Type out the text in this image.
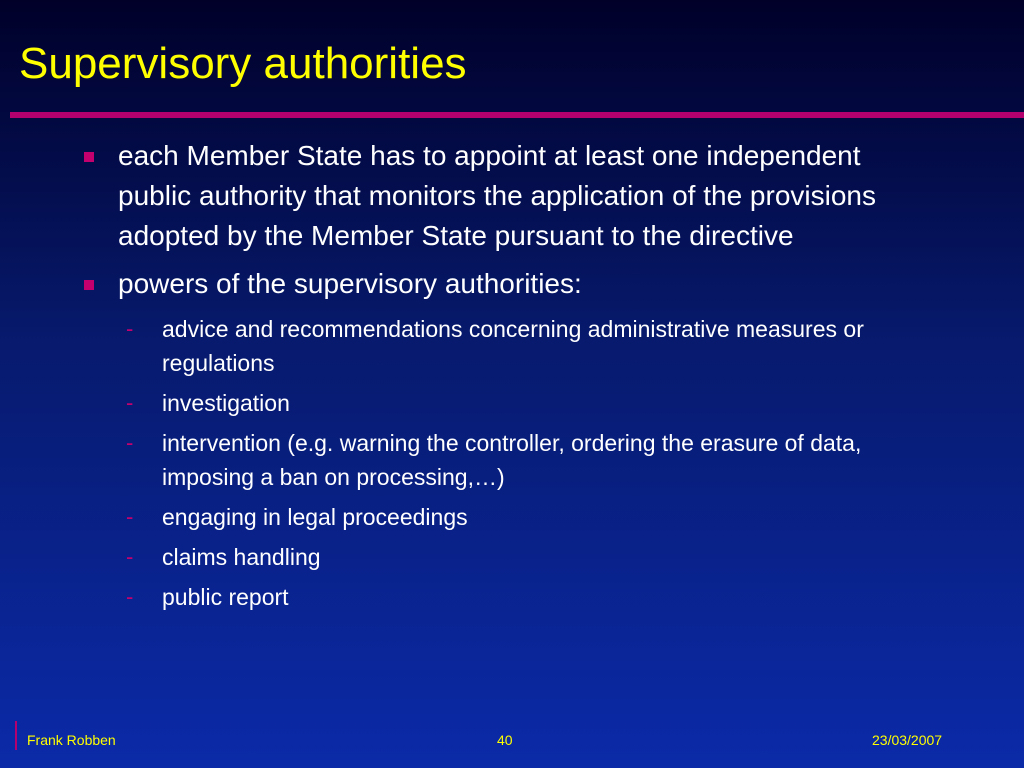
Supervisory authorities
each Member State has to appoint at least one independent public authority that monitors the application of the provisions adopted by the Member State pursuant to the directive
powers of the supervisory authorities:
- advice and recommendations concerning administrative measures or regulations
- investigation
- intervention (e.g. warning the controller, ordering the erasure of data, imposing a ban on processing,…)
- engaging in legal proceedings
- claims handling
- public report
Frank Robben	40	23/03/2007
